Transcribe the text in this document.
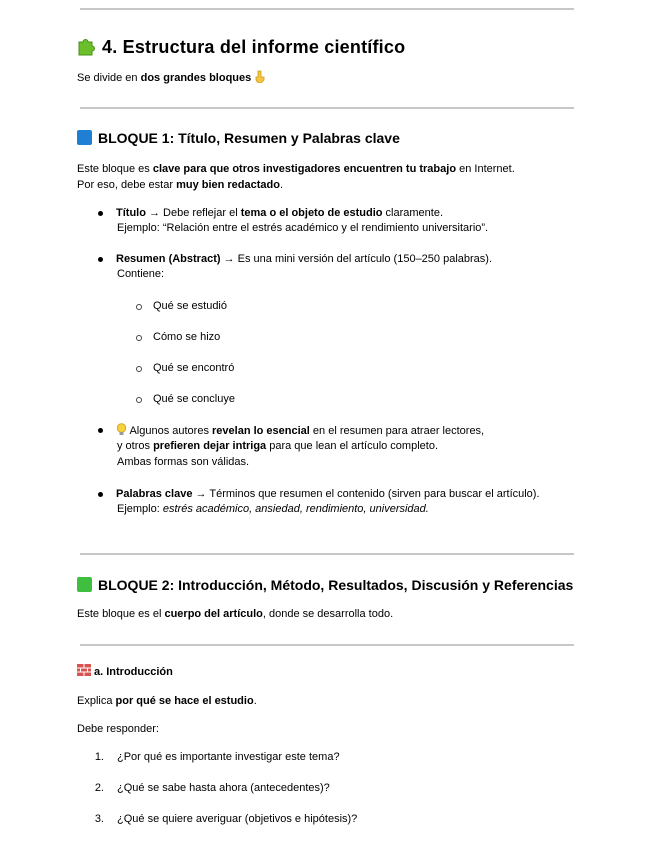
4. Estructura del informe científico
Se divide en dos grandes bloques
BLOQUE 1: Título, Resumen y Palabras clave
Este bloque es clave para que otros investigadores encuentren tu trabajo en Internet.
Por eso, debe estar muy bien redactado.
Título → Debe reflejar el tema o el objeto de estudio claramente.
Ejemplo: “Relación entre el estrés académico y el rendimiento universitario”.
Resumen (Abstract) → Es una mini versión del artículo (150–250 palabras).
Contiene:
Qué se estudió
Cómo se hizo
Qué se encontró
Qué se concluye
Algunos autores revelan lo esencial en el resumen para atraer lectores,
y otros prefieren dejar intriga para que lean el artículo completo.
Ambas formas son válidas.
Palabras clave → Términos que resumen el contenido (sirven para buscar el artículo).
Ejemplo: estrés académico, ansiedad, rendimiento, universidad.
BLOQUE 2: Introducción, Método, Resultados, Discusión y Referencias
Este bloque es el cuerpo del artículo, donde se desarrolla todo.
a. Introducción
Explica por qué se hace el estudio.
Debe responder:
1. ¿Por qué es importante investigar este tema?
2. ¿Qué se sabe hasta ahora (antecedentes)?
3. ¿Qué se quiere averiguar (objetivos e hipótesis)?
